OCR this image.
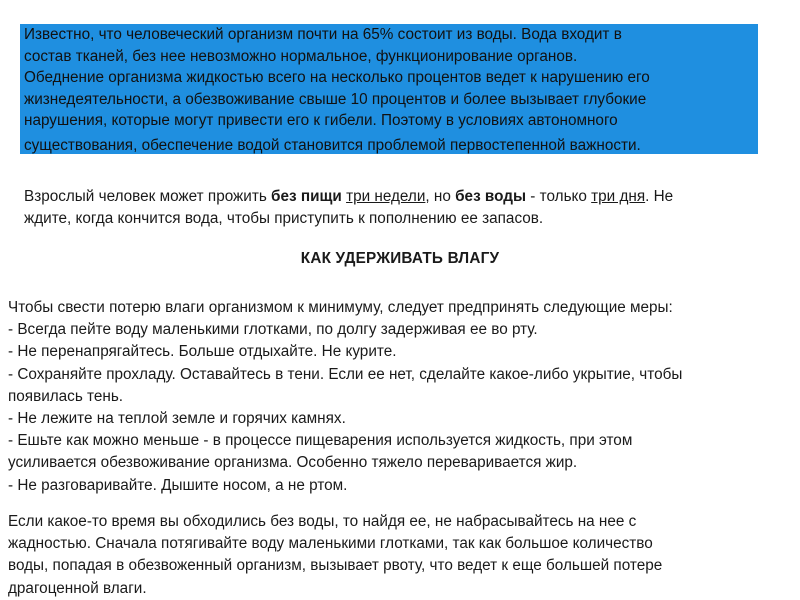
Известно, что человеческий организм почти на 65% состоит из воды. Вода входит в
состав тканей, без нее невозможно нормальное, функционирование органов.
Обеднение организма жидкостью всего на несколько процентов ведет к нарушению его
жизнедеятельности, а обезвоживание свыше 10 процентов и более вызывает глубокие
нарушения, которые могут привести его к гибели. Поэтому в условиях автономного
существования, обеспечение водой становится проблемой первостепенной важности.

Взрослый человек может прожить без пищи три недели, но без воды - только три дня. Не
ждите, когда кончится вода, чтобы приступить к пополнению ее запасов.

КАК УДЕРЖИВАТЬ ВЛАГУ

Чтобы свести потерю влаги организмом к минимуму, следует предпринять следующие меры:
- Всегда пейте воду маленькими глотками, по долгу задерживая ее во рту.
- Не перенапрягайтесь. Больше отдыхайте. Не курите.
- Сохраняйте прохладу. Оставайтесь в тени. Если ее нет, сделайте какое-либо укрытие, чтобы
появилась тень.
- Не лежите на теплой земле и горячих камнях.
- Ешьте как можно меньше - в процессе пищеварения используется жидкость, при этом
усиливается обезвоживание организма. Особенно тяжело переваривается жир.
- Не разговаривайте. Дышите носом, а не ртом.

Если какое-то время вы обходились без воды, то найдя ее, не набрасывайтесь на нее с
жадностью. Сначала потягивайте воду маленькими глотками, так как большое количество
воды, попадая в обезвоженный организм, вызывает рвоту, что ведет к еще большей потере
драгоценной влаги.
